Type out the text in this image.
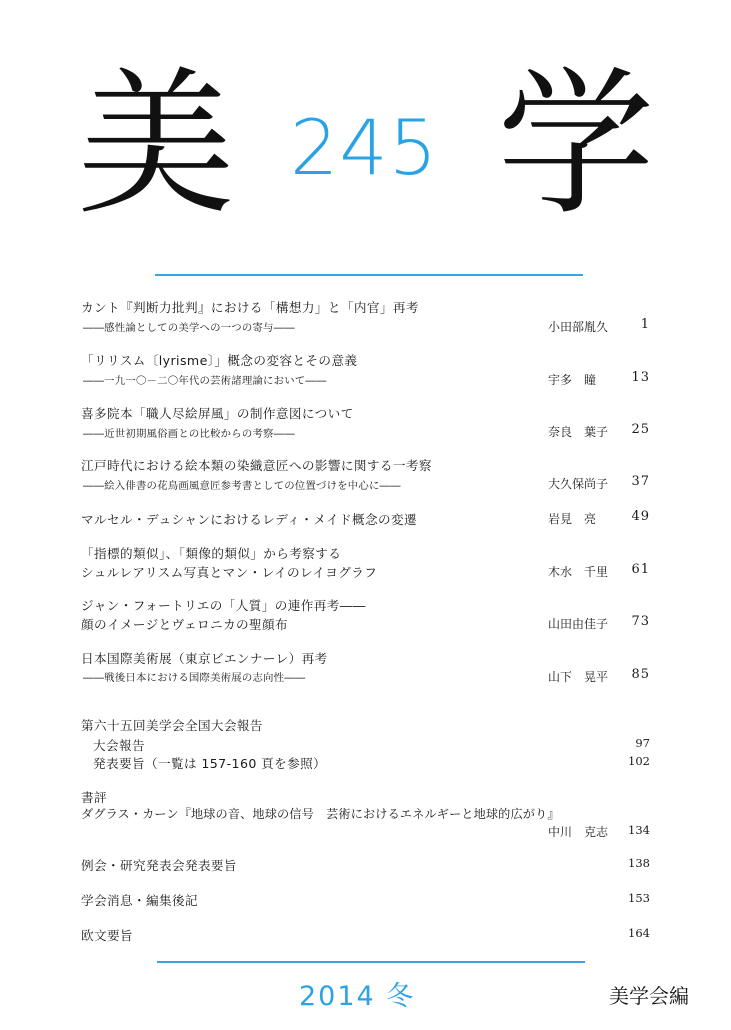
美 245 学
カント『判断力批判』における「構想力」と「内官」再考
――感性論としての美学への一つの寄与――	小田部胤久	1
「リリスム〔lyrisme〕」概念の変容とその意義
――一九一〇－二〇年代の芸術諸理論において――	宇多　瞳	13
喜多院本「職人尽絵屏風」の制作意図について
――近世初期風俗画との比較からの考察――	奈良　葉子 25
江戸時代における絵本類の染織意匠への影響に関する一考察
――絵入俳書の花鳥画風意匠参考書としての位置づけを中心に――	大久保尚子 37
マルセル・デュシャンにおけるレディ・メイド概念の変遷	岩見　亮	49
「指標的類似」、「類像的類似」から考察する
シュルレアリスム写真とマン・レイのレイヨグラフ	木水　千里 61
ジャン・フォートリエの「人質」の連作再考――
顔のイメージとヴェロニカの聖顔布	山田由佳子 73
日本国際美術展（東京ビエンナーレ）再考
――戦後日本における国際美術展の志向性――	山下　晃平 85
第六十五回美学会全国大会報告
大会報告	97
発表要旨（一覧は 157-160 頁を参照）	102
書評
ダグラス・カーン『地球の音、地球の信号　芸術におけるエネルギーと地球的広がり』
中川　克志 134
例会・研究発表会発表要旨	138
学会消息・編集後記	153
欧文要旨	164
2014 冬	美学会編
